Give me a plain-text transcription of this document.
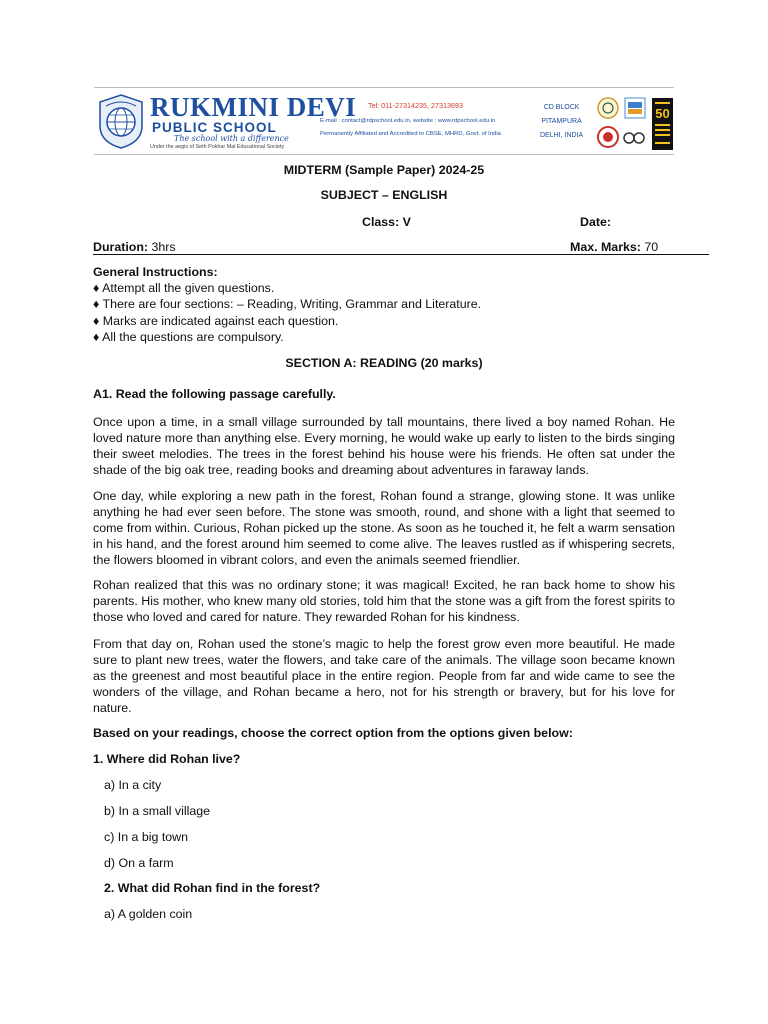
RUKMINI DEVI
PUBLIC SCHOOL
The school with a difference
Under the aegis of Seth Pokhar Mal Educational Society
Tel: 011-27314235, 27313693
E-mail : contact@rdpschool.edu.in, website : www.rdpschool.edu.in
Permanently Affiliated and Accredited to CBSE, MHRD, Govt. of India
CD BLOCK
PITAMPURA
DELHI, INDIA
50
MIDTERM (Sample Paper) 2024-25
SUBJECT – ENGLISH
Class: V	Date:
Duration: 3hrs	Max. Marks: 70
General Instructions:
♦ Attempt all the given questions.
♦ There are four sections: – Reading, Writing, Grammar and Literature.
♦ Marks are indicated against each question.
♦ All the questions are compulsory.
SECTION A: READING (20 marks)
A1. Read the following passage carefully.
Once upon a time, in a small village surrounded by tall mountains, there lived a boy named Rohan. He loved nature more than anything else. Every morning, he would wake up early to listen to the birds singing their sweet melodies. The trees in the forest behind his house were his friends. He often sat under the shade of the big oak tree, reading books and dreaming about adventures in faraway lands.
One day, while exploring a new path in the forest, Rohan found a strange, glowing stone. It was unlike anything he had ever seen before. The stone was smooth, round, and shone with a light that seemed to come from within. Curious, Rohan picked up the stone. As soon as he touched it, he felt a warm sensation in his hand, and the forest around him seemed to come alive. The leaves rustled as if whispering secrets, the flowers bloomed in vibrant colors, and even the animals seemed friendlier.
Rohan realized that this was no ordinary stone; it was magical! Excited, he ran back home to show his parents. His mother, who knew many old stories, told him that the stone was a gift from the forest spirits to those who loved and cared for nature. They rewarded Rohan for his kindness.
From that day on, Rohan used the stone’s magic to help the forest grow even more beautiful. He made sure to plant new trees, water the flowers, and take care of the animals. The village soon became known as the greenest and most beautiful place in the entire region. People from far and wide came to see the wonders of the village, and Rohan became a hero, not for his strength or bravery, but for his love for nature.
Based on your readings, choose the correct option from the options given below:
1. Where did Rohan live?
a) In a city
b) In a small village
c) In a big town
d) On a farm
2. What did Rohan find in the forest?
a) A golden coin
